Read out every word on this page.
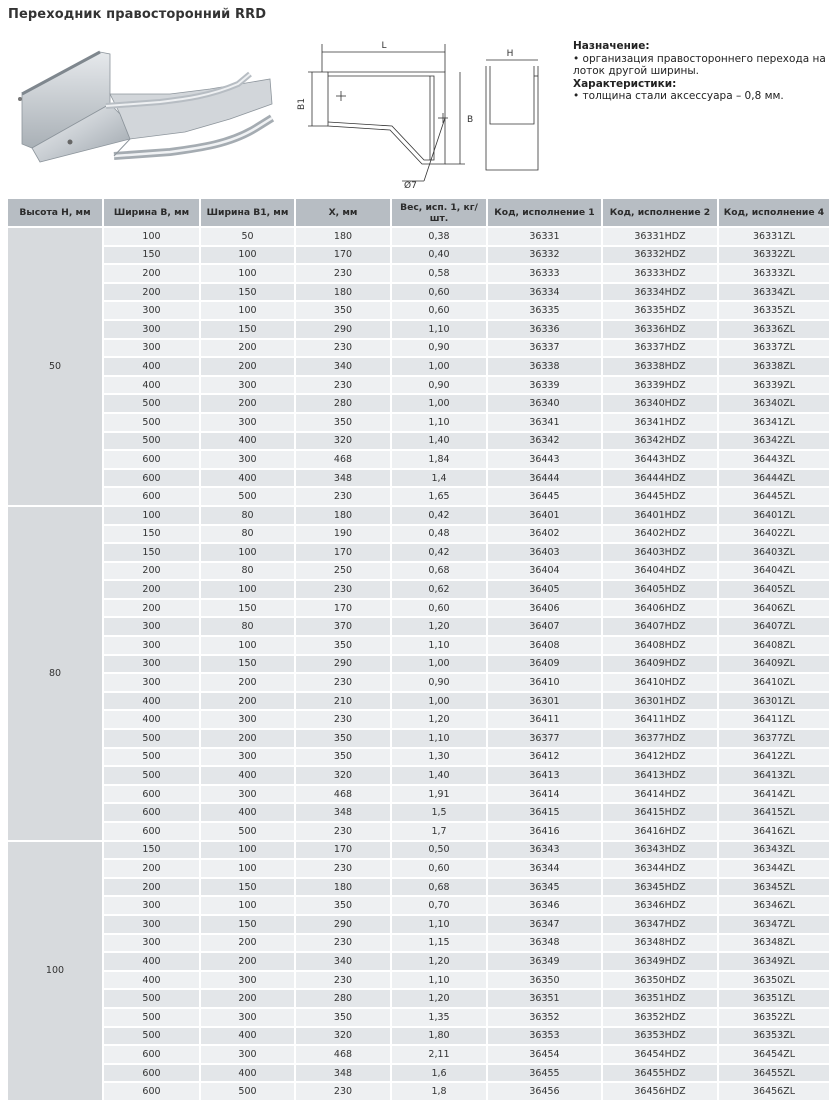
Переходник правосторонний RRD
L
B1
B
Ø7
H
Назначение:
• организация правостороннего перехода на лоток другой ширины.
Характеристики:
• толщина стали аксессуара – 0,8 мм.
Высота H, мм	Ширина B, мм	Ширина B1, мм	X, мм	Вес, исп. 1, кг/шт.	Код, исполнение 1	Код, исполнение 2	Код, исполнение 4
50	100	50	180	0,38	36331	36331HDZ	36331ZL
	150	100	170	0,40	36332	36332HDZ	36332ZL
	200	100	230	0,58	36333	36333HDZ	36333ZL
	200	150	180	0,60	36334	36334HDZ	36334ZL
	300	100	350	0,60	36335	36335HDZ	36335ZL
	300	150	290	1,10	36336	36336HDZ	36336ZL
	300	200	230	0,90	36337	36337HDZ	36337ZL
	400	200	340	1,00	36338	36338HDZ	36338ZL
	400	300	230	0,90	36339	36339HDZ	36339ZL
	500	200	280	1,00	36340	36340HDZ	36340ZL
	500	300	350	1,10	36341	36341HDZ	36341ZL
	500	400	320	1,40	36342	36342HDZ	36342ZL
	600	300	468	1,84	36443	36443HDZ	36443ZL
	600	400	348	1,4	36444	36444HDZ	36444ZL
	600	500	230	1,65	36445	36445HDZ	36445ZL
80	100	80	180	0,42	36401	36401HDZ	36401ZL
	150	80	190	0,48	36402	36402HDZ	36402ZL
	150	100	170	0,42	36403	36403HDZ	36403ZL
	200	80	250	0,68	36404	36404HDZ	36404ZL
	200	100	230	0,62	36405	36405HDZ	36405ZL
	200	150	170	0,60	36406	36406HDZ	36406ZL
	300	80	370	1,20	36407	36407HDZ	36407ZL
	300	100	350	1,10	36408	36408HDZ	36408ZL
	300	150	290	1,00	36409	36409HDZ	36409ZL
	300	200	230	0,90	36410	36410HDZ	36410ZL
	400	200	210	1,00	36301	36301HDZ	36301ZL
	400	300	230	1,20	36411	36411HDZ	36411ZL
	500	200	350	1,10	36377	36377HDZ	36377ZL
	500	300	350	1,30	36412	36412HDZ	36412ZL
	500	400	320	1,40	36413	36413HDZ	36413ZL
	600	300	468	1,91	36414	36414HDZ	36414ZL
	600	400	348	1,5	36415	36415HDZ	36415ZL
	600	500	230	1,7	36416	36416HDZ	36416ZL
100	150	100	170	0,50	36343	36343HDZ	36343ZL
	200	100	230	0,60	36344	36344HDZ	36344ZL
	200	150	180	0,68	36345	36345HDZ	36345ZL
	300	100	350	0,70	36346	36346HDZ	36346ZL
	300	150	290	1,10	36347	36347HDZ	36347ZL
	300	200	230	1,15	36348	36348HDZ	36348ZL
	400	200	340	1,20	36349	36349HDZ	36349ZL
	400	300	230	1,10	36350	36350HDZ	36350ZL
	500	200	280	1,20	36351	36351HDZ	36351ZL
	500	300	350	1,35	36352	36352HDZ	36352ZL
	500	400	320	1,80	36353	36353HDZ	36353ZL
	600	300	468	2,11	36454	36454HDZ	36454ZL
	600	400	348	1,6	36455	36455HDZ	36455ZL
	600	500	230	1,8	36456	36456HDZ	36456ZL
